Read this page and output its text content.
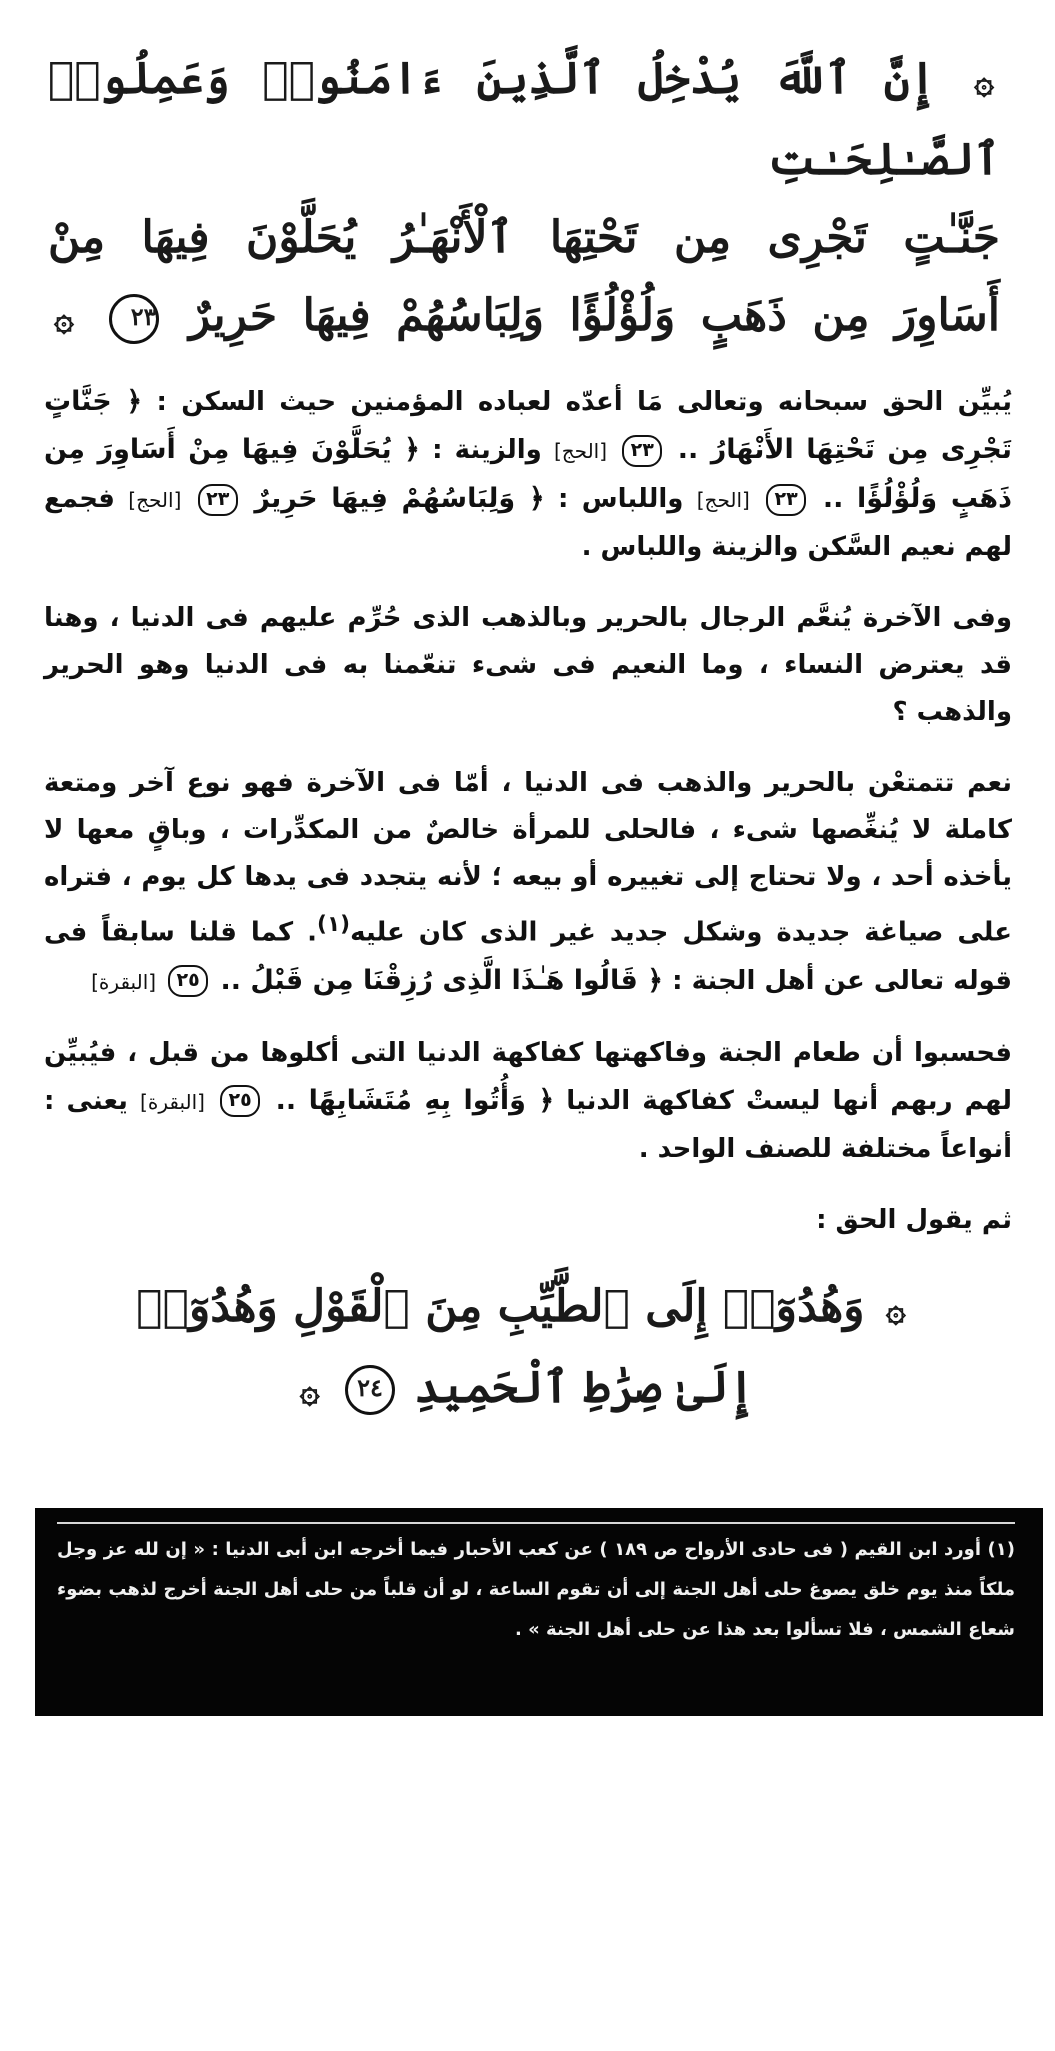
۞ إِنَّ ٱللَّهَ يُدْخِلُ ٱلَّذِينَ ءَامَنُوا۟ وَعَمِلُوا۟ ٱلصَّـٰلِحَـٰتِ
جَنَّـٰتٍ تَجْرِى مِن تَحْتِهَا ٱلْأَنْهَـٰرُ يُحَلَّوْنَ فِيهَا مِنْ
أَسَاوِرَ مِن ذَهَبٍ وَلُؤْلُؤًا وَلِبَاسُهُمْ فِيهَا حَرِيرٌ ٢٣ ۞

يُبيِّن الحق سبحانه وتعالى مَا أعدّه لعباده المؤمنين حيث السكن : ﴿ جَنَّاتٍ تَجْرِى مِن تَحْتِهَا الأَنْهَارُ .. ٢٣ [الحج] والزينة : ﴿ يُحَلَّوْنَ فِيهَا مِنْ أَسَاوِرَ مِن ذَهَبٍ وَلُؤْلُؤًا .. ٢٣ [الحج] واللباس : ﴿ وَلِبَاسُهُمْ فِيهَا حَرِيرٌ ٢٣ [الحج] فجمع لهم نعيم السَّكن والزينة واللباس .

وفى الآخرة يُنعَّم الرجال بالحرير وبالذهب الذى حُرِّم عليهم فى الدنيا ، وهنا قد يعترض النساء ، وما النعيم فى شىء تنعّمنا به فى الدنيا وهو الحرير والذهب ؟

نعم تتمتعْن بالحرير والذهب فى الدنيا ، أمّا فى الآخرة فهو نوع آخر ومتعة كاملة لا يُنغِّصها شىء ، فالحلى للمرأة خالصٌ من المكدِّرات ، وباقٍ معها لا يأخذه أحد ، ولا تحتاج إلى تغييره أو بيعه ؛ لأنه يتجدد فى يدها كل يوم ، فتراه على صياغة جديدة وشكل جديد غير الذى كان عليه$^{(١)}$. كما قلنا سابقاً فى قوله تعالى عن أهل الجنة : ﴿ قَالُوا هَـٰذَا الَّذِى رُزِقْنَا مِن قَبْلُ .. ٢٥ [البقرة]

فحسبوا أن طعام الجنة وفاكهتها كفاكهة الدنيا التى أكلوها من قبل ، فيُبيِّن لهم ربهم أنها ليستْ كفاكهة الدنيا ﴿ وَأُتُوا بِهِ مُتَشَابِهًا .. ٢٥ [البقرة] يعنى : أنواعاً مختلفة للصنف الواحد .

ثم يقول الحق :

۞ وَهُدُوٓا۟ إِلَى ٱلطَّيِّبِ مِنَ ٱلْقَوْلِ وَهُدُوٓا۟
إِلَىٰ صِرَٰطِ ٱلْحَمِيدِ ٢٤ ۞
(١) أورد ابن القيم ( فى حادى الأرواح ص ١٨٩ ) عن كعب الأحبار فيما أخرجه ابن أبى الدنيا : « إن لله عز وجل ملكاً منذ يوم خلق يصوغ حلى أهل الجنة إلى أن تقوم الساعة ، لو أن قلباً من حلى أهل الجنة أخرج لذهب بضوء شعاع الشمس ، فلا تسألوا بعد هذا عن حلى أهل الجنة » .
